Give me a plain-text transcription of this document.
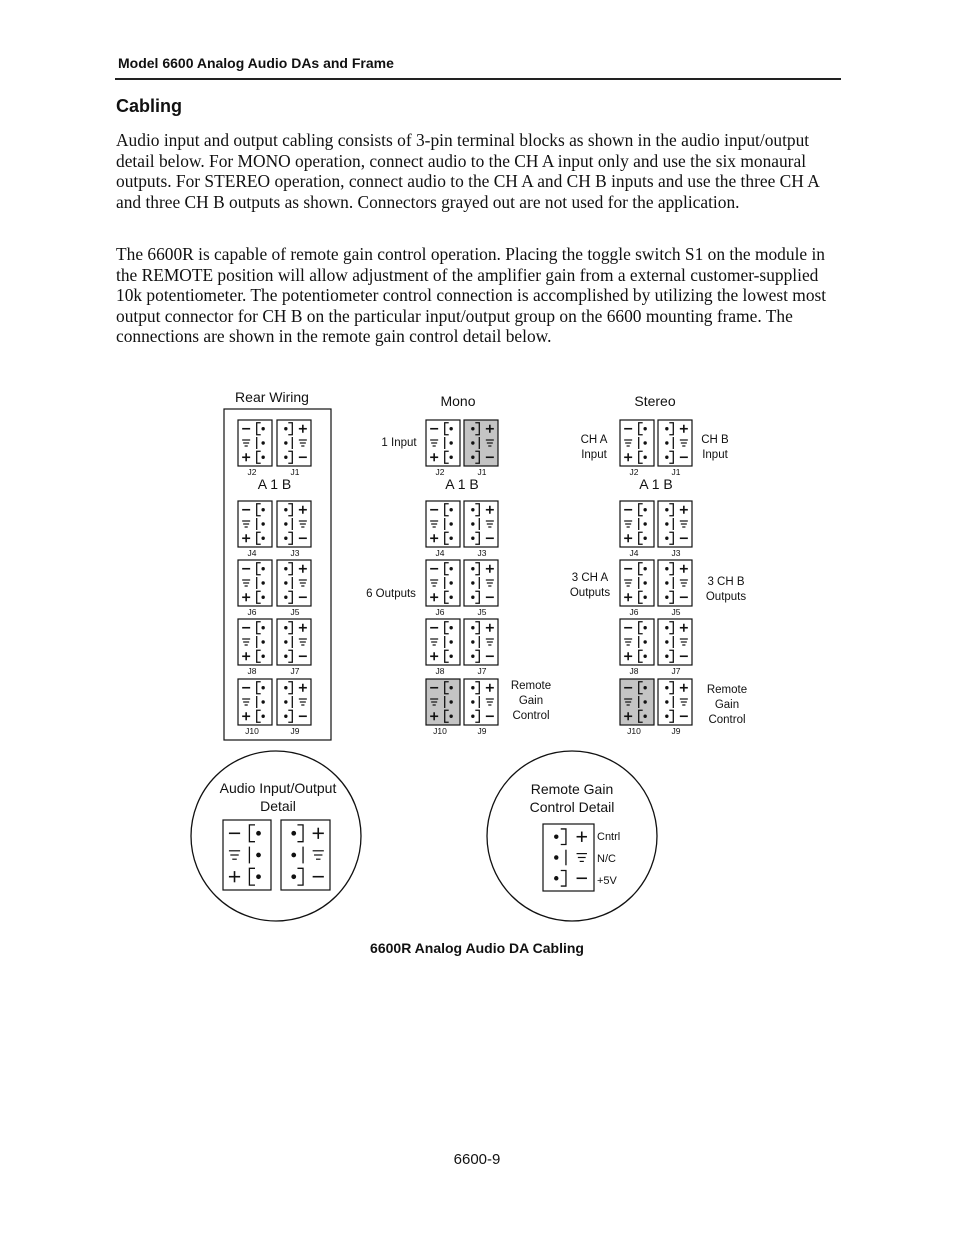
Model 6600 Analog Audio DAs and Frame
Cabling

Audio input and output cabling consists of 3-pin terminal blocks as shown in the audio input/output detail below. For MONO operation, connect audio to the CH A input only and use the six monaural outputs. For STEREO operation, connect audio to the CH A and CH B inputs and use the three CH A and three CH B outputs as shown. Connectors grayed out are not used for the application.

The 6600R is capable of remote gain control operation. Placing the toggle switch S1 on the module in the REMOTE position will allow adjustment of the amplifier gain from a external customer-supplied 10k potentiometer. The potentiometer control connection is accomplished by utilizing the lowest most output connector for CH B on the particular input/output group on the 6600 mounting frame. The connections are shown in the remote gain control detail below.

Rear Wiring
J2	J1
J4	J3
J6	J5
J8	J7
J10	J9
A 1 B
Mono
J2	J1
J4	J3
J6	J5
J8	J7
J10	J9
A 1 B
1 Input
6 Outputs
Remote
Gain
Control
Stereo
J2	J1
J4	J3
J6	J5
J8	J7
J10	J9
A 1 B
CH A
Input
CH B
Input
3 CH A
Outputs
3 CH B
Outputs
Remote
Gain
Control
Audio Input/Output
Detail
Remote Gain
Control Detail
Cntrl
N/C
+5V
6600R Analog Audio DA Cabling
6600-9
